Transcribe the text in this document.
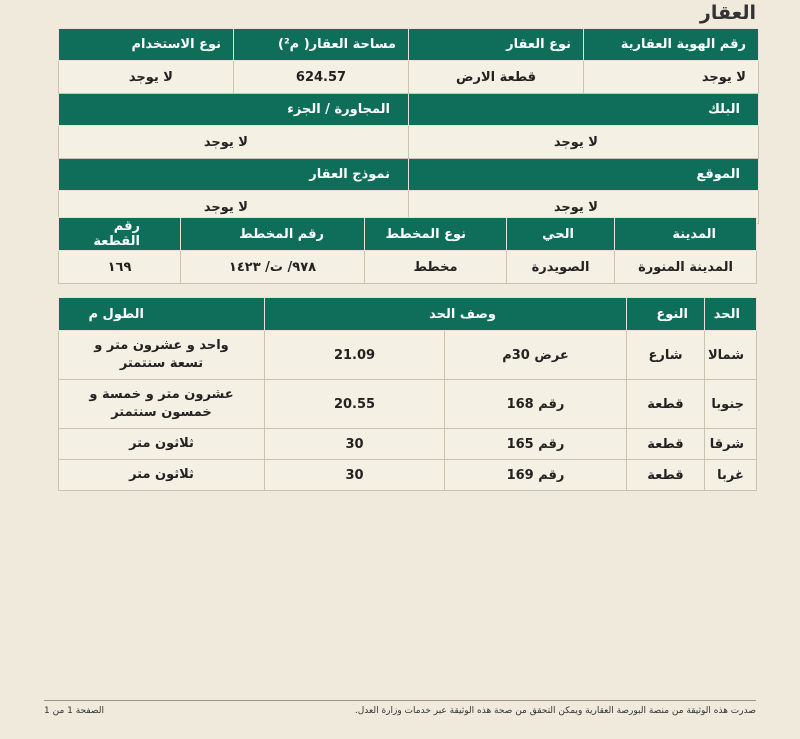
العقار
رقم الهوية العقارية	نوع العقار	مساحة العقار( م²)	نوع الاستخدام
لا يوجد	قطعة الارض	624.57	لا يوجد
البلك		المجاورة / الجزء	
لا يوجد		لا يوجد	
الموقع		نموذج العقار	
لا يوجد		لا يوجد	
المدينة	الحي	نوع المخطط	رقم المخطط	رقم القطعة
المدينة المنورة	الصويدرة	مخطط	٩٧٨/ ت/ ١٤٢٣	١٦٩
الحد	النوع	وصف الحد		الطول م
شمالا	شارع	عرض 30م	21.09	واحد و عشرون متر و تسعة سنتمتر
جنوبا	قطعة	رقم 168	20.55	عشرون متر و خمسة و خمسون سنتمتر
شرقا	قطعة	رقم 165	30	ثلاثون متر
غربا	قطعة	رقم 169	30	ثلاثون متر
صدرت هذه الوثيقة من منصة البورصة العقارية ويمكن التحقق من صحة هذه الوثيقة عبر خدمات وزارة العدل.
الصفحة 1 من 1
